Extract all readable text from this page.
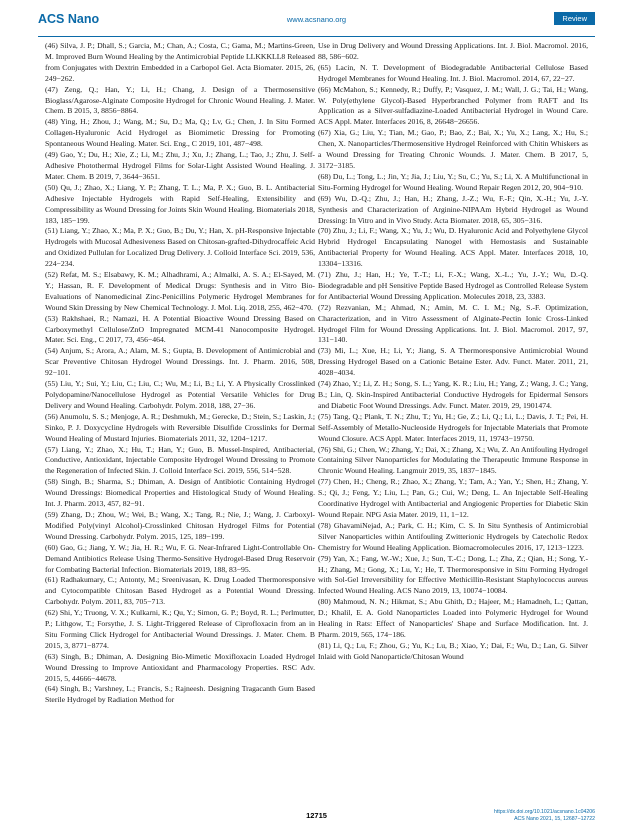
ACS Nano	www.acsnano.org	Review

(46) Silva, J. P.; Dhall, S.; Garcia, M.; Chan, A.; Costa, C.; Gama, M.; Martins-Green, M. Improved Burn Wound Healing by the Antimicrobial Peptide LLKKKLL8 Released from Conjugates with Dextrin Embedded in a Carbopol Gel. Acta Biomater. 2015, 26, 249−262.

(47) Zeng, Q.; Han, Y.; Li, H.; Chang, J. Design of a Thermosensitive Bioglass/Agarose-Alginate Composite Hydrogel for Chronic Wound Healing. J. Mater. Chem. B 2015, 3, 8856−8864.

(48) Ying, H.; Zhou, J.; Wang, M.; Su, D.; Ma, Q.; Lv, G.; Chen, J. In Situ Formed Collagen-Hyaluronic Acid Hydrogel as Biomimetic Dressing for Promoting Spontaneous Wound Healing. Mater. Sci. Eng., C 2019, 101, 487−498.

(49) Gao, Y.; Du, H.; Xie, Z.; Li, M.; Zhu, J.; Xu, J.; Zhang, L.; Tao, J.; Zhu, J. Self-Adhesive Photothermal Hydrogel Films for Solar-Light Assisted Wound Healing. J. Mater. Chem. B 2019, 7, 3644−3651.

(50) Qu, J.; Zhao, X.; Liang, Y. P.; Zhang, T. L.; Ma, P. X.; Guo, B. L. Antibacterial Adhesive Injectable Hydrogels with Rapid Self-Healing, Extensibility and Compressibility as Wound Dressing for Joints Skin Wound Healing. Biomaterials 2018, 183, 185−199.

(51) Liang, Y.; Zhao, X.; Ma, P. X.; Guo, B.; Du, Y.; Han, X. pH-Responsive Injectable Hydrogels with Mucosal Adhesiveness Based on Chitosan-grafted-Dihydrocaffeic Acid and Oxidized Pullulan for Localized Drug Delivery. J. Colloid Interface Sci. 2019, 536, 224−234.

(52) Refat, M. S.; Elsabawy, K. M.; Alhadhrami, A.; Almalki, A. S. A.; El-Sayed, M. Y.; Hassan, R. F. Development of Medical Drugs: Synthesis and in Vitro Bio-Evaluations of Nanomedicinal Zinc-Penicillins Polymeric Hydrogel Membranes for Wound Skin Dressing by New Chemical Technology. J. Mol. Liq. 2018, 255, 462−470.

(53) Rakhshaei, R.; Namazi, H. A Potential Bioactive Wound Dressing Based on Carboxymethyl Cellulose/ZnO Impregnated MCM-41 Nanocomposite Hydrogel. Mater. Sci. Eng., C 2017, 73, 456−464.

(54) Anjum, S.; Arora, A.; Alam, M. S.; Gupta, B. Development of Antimicrobial and Scar Preventive Chitosan Hydrogel Wound Dressings. Int. J. Pharm. 2016, 508, 92−101.

(55) Liu, Y.; Sui, Y.; Liu, C.; Liu, C.; Wu, M.; Li, B.; Li, Y. A Physically Crosslinked Polydopamine/Nanocellulose Hydrogel as Potential Versatile Vehicles for Drug Delivery and Wound Healing. Carbohydr. Polym. 2018, 188, 27−36.

(56) Anumolu, S. S.; Menjoge, A. R.; Deshmukh, M.; Gerecke, D.; Stein, S.; Laskin, J.; Sinko, P. J. Doxycycline Hydrogels with Reversible Disulfide Crosslinks for Dermal Wound Healing of Mustard Injuries. Biomaterials 2011, 32, 1204−1217.

(57) Liang, Y.; Zhao, X.; Hu, T.; Han, Y.; Guo, B. Mussel-Inspired, Antibacterial, Conductive, Antioxidant, Injectable Composite Hydrogel Wound Dressing to Promote the Regeneration of Infected Skin. J. Colloid Interface Sci. 2019, 556, 514−528.

(58) Singh, B.; Sharma, S.; Dhiman, A. Design of Antibiotic Containing Hydrogel Wound Dressings: Biomedical Properties and Histological Study of Wound Healing. Int. J. Pharm. 2013, 457, 82−91.

(59) Zhang, D.; Zhou, W.; Wei, B.; Wang, X.; Tang, R.; Nie, J.; Wang, J. Carboxyl-Modified Poly(vinyl Alcohol)-Crosslinked Chitosan Hydrogel Films for Potential Wound Dressing. Carbohydr. Polym. 2015, 125, 189−199.

(60) Gao, G.; Jiang, Y. W.; Jia, H. R.; Wu, F. G. Near-Infrared Light-Controllable On-Demand Antibiotics Release Using Thermo-Sensitive Hydrogel-Based Drug Reservoir for Combating Bacterial Infection. Biomaterials 2019, 188, 83−95.

(61) Radhakumary, C.; Antonty, M.; Sreenivasan, K. Drug Loaded Thermoresponsive and Cytocompatible Chitosan Based Hydrogel as a Potential Wound Dressing. Carbohydr. Polym. 2011, 83, 705−713.

(62) Shi, Y.; Truong, V. X.; Kulkarni, K.; Qu, Y.; Simon, G. P.; Boyd, R. L.; Perlmutter, P.; Lithgow, T.; Forsythe, J. S. Light-Triggered Release of Ciprofloxacin from an in Situ Forming Click Hydrogel for Antibacterial Wound Dressings. J. Mater. Chem. B 2015, 3, 8771−8774.

(63) Singh, B.; Dhiman, A. Designing Bio-Mimetic Moxifloxacin Loaded Hydrogel Wound Dressing to Improve Antioxidant and Pharmacology Properties. RSC Adv. 2015, 5, 44666−44678.

(64) Singh, B.; Varshney, L.; Francis, S.; Rajneesh. Designing Tragacanth Gum Based Sterile Hydrogel by Radiation Method for

Use in Drug Delivery and Wound Dressing Applications. Int. J. Biol. Macromol. 2016, 88, 586−602.

(65) Lacin, N. T. Development of Biodegradable Antibacterial Cellulose Based Hydrogel Membranes for Wound Healing. Int. J. Biol. Macromol. 2014, 67, 22−27.

(66) McMahon, S.; Kennedy, R.; Duffy, P.; Vasquez, J. M.; Wall, J. G.; Tai, H.; Wang, W. Poly(ethylene Glycol)-Based Hyperbranched Polymer from RAFT and Its Application as a Silver-sulfadiazine-Loaded Antibacterial Hydrogel in Wound Care. ACS Appl. Mater. Interfaces 2016, 8, 26648−26656.

(67) Xia, G.; Liu, Y.; Tian, M.; Gao, P.; Bao, Z.; Bai, X.; Yu, X.; Lang, X.; Hu, S.; Chen, X. Nanoparticles/Thermosensitive Hydrogel Reinforced with Chitin Whiskers as a Wound Dressing for Treating Chronic Wounds. J. Mater. Chem. B 2017, 5, 3172−3185.

(68) Du, L.; Tong, L.; Jin, Y.; Jia, J.; Liu, Y.; Su, C.; Yu, S.; Li, X. A Multifunctional in Situ-Forming Hydrogel for Wound Healing. Wound Repair Regen 2012, 20, 904−910.

(69) Wu, D.-Q.; Zhu, J.; Han, H.; Zhang, J.-Z.; Wu, F.-F.; Qin, X.-H.; Yu, J.-Y. Synthesis and Characterization of Arginine-NIPAAm Hybrid Hydrogel as Wound Dressing: In Vitro and in Vivo Study. Acta Biomater. 2018, 65, 305−316.

(70) Zhu, J.; Li, F.; Wang, X.; Yu, J.; Wu, D. Hyaluronic Acid and Polyethylene Glycol Hybrid Hydrogel Encapsulating Nanogel with Hemostasis and Sustainable Antibacterial Property for Wound Healing. ACS Appl. Mater. Interfaces 2018, 10, 13304−13316.

(71) Zhu, J.; Han, H.; Ye, T.-T.; Li, F.-X.; Wang, X.-L.; Yu, J.-Y.; Wu, D.-Q. Biodegradable and pH Sensitive Peptide Based Hydrogel as Controlled Release System for Antibacterial Wound Dressing Application. Molecules 2018, 23, 3383.

(72) Rezvanian, M.; Ahmad, N.; Amin, M. C. I. M.; Ng, S.-F. Optimization, Characterization, and in Vitro Assessment of Alginate-Pectin Ionic Cross-Linked Hydrogel Film for Wound Dressing Applications. Int. J. Biol. Macromol. 2017, 97, 131−140.

(73) Mi, L.; Xue, H.; Li, Y.; Jiang, S. A Thermoresponsive Antimicrobial Wound Dressing Hydrogel Based on a Cationic Betaine Ester. Adv. Funct. Mater. 2011, 21, 4028−4034.

(74) Zhao, Y.; Li, Z. H.; Song, S. L.; Yang, K. R.; Liu, H.; Yang, Z.; Wang, J. C.; Yang, B.; Lin, Q. Skin-Inspired Antibacterial Conductive Hydrogels for Epidermal Sensors and Diabetic Foot Wound Dressings. Adv. Funct. Mater. 2019, 29, 1901474.

(75) Tang, Q.; Plank, T. N.; Zhu, T.; Yu, H.; Ge, Z.; Li, Q.; Li, L.; Davis, J. T.; Pei, H. Self-Assembly of Metallo-Nucleoside Hydrogels for Injectable Materials that Promote Wound Closure. ACS Appl. Mater. Interfaces 2019, 11, 19743−19750.

(76) Shi, G.; Chen, W.; Zhang, Y.; Dai, X.; Zhang, X.; Wu, Z. An Antifouling Hydrogel Containing Silver Nanoparticles for Modulating the Therapeutic Immune Response in Chronic Wound Healing. Langmuir 2019, 35, 1837−1845.

(77) Chen, H.; Cheng, R.; Zhao, X.; Zhang, Y.; Tam, A.; Yan, Y.; Shen, H.; Zhang, Y. S.; Qi, J.; Feng, Y.; Liu, L.; Pan, G.; Cui, W.; Deng, L. An Injectable Self-Healing Coordinative Hydrogel with Antibacterial and Angiogenic Properties for Diabetic Skin Wound Repair. NPG Asia Mater. 2019, 11, 1−12.

(78) GhavamiNejad, A.; Park, C. H.; Kim, C. S. In Situ Synthesis of Antimicrobial Silver Nanoparticles within Antifouling Zwitterionic Hydrogels by Catecholic Redox Chemistry for Wound Healing Application. Biomacromolecules 2016, 17, 1213−1223.

(79) Yan, X.; Fang, W.-W.; Xue, J.; Sun, T.-C.; Dong, L.; Zha, Z.; Qian, H.; Song, Y.-H.; Zhang, M.; Gong, X.; Lu, Y.; He, T. Thermoresponsive in Situ Forming Hydrogel with Sol-Gel Irreversibility for Effective Methicillin-Resistant Staphylococcus aureus Infected Wound Healing. ACS Nano 2019, 13, 10074−10084.

(80) Mahmoud, N. N.; Hikmat, S.; Abu Ghith, D.; Hajeer, M.; Hamadneh, L.; Qattan, D.; Khalil, E. A. Gold Nanoparticles Loaded into Polymeric Hydrogel for Wound Healing in Rats: Effect of Nanoparticles' Shape and Surface Modification. Int. J. Pharm. 2019, 565, 174−186.

(81) Li, Q.; Lu, F.; Zhou, G.; Yu, K.; Lu, B.; Xiao, Y.; Dai, F.; Wu, D.; Lan, G. Silver Inlaid with Gold Nanoparticle/Chitosan Wound

12715	https://dx.doi.org/10.1021/acsnano.1c04206
ACS Nano 2021, 15, 12687−12722
